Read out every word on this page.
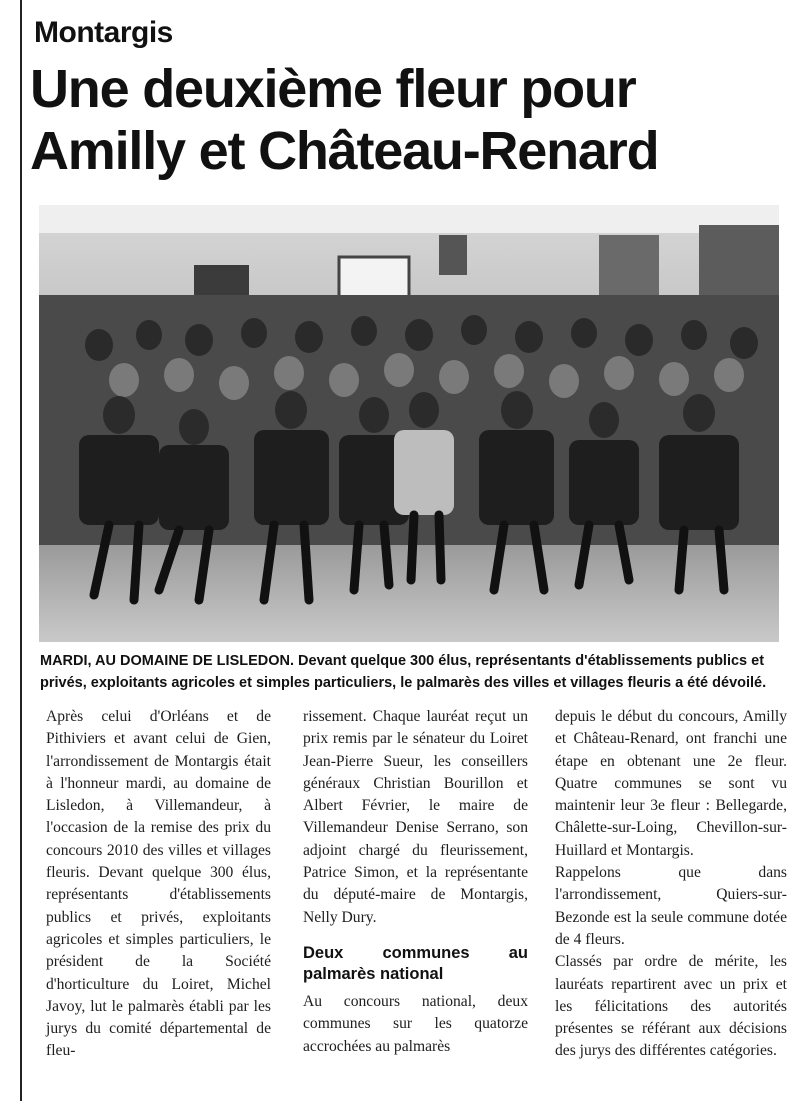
Montargis
Une deuxième fleur pour
Amilly et Château-Renard
MARDI, AU DOMAINE DE LISLEDON. Devant quelque 300 élus, représentants d'établissements publics et privés, exploitants agricoles et simples particuliers, le palmarès des villes et villages fleuris a été dévoilé.

Après celui d'Orléans et de Pithiviers et avant celui de Gien, l'arrondissement de Montargis était à l'honneur mardi, au domaine de Lisledon, à Villemandeur, à l'occasion de la remise des prix du concours 2010 des villes et villages fleuris. Devant quelque 300 élus, représentants d'établissements publics et privés, exploitants agricoles et simples particuliers, le président de la Société d'horticulture du Loiret, Michel Javoy, lut le palmarès établi par les jurys du comité départemental de fleu-

rissement. Chaque lauréat reçut un prix remis par le sénateur du Loiret Jean-Pierre Sueur, les conseillers généraux Christian Bourillon et Albert Février, le maire de Villemandeur Denise Serrano, son adjoint chargé du fleurissement, Patrice Simon, et la représentante du député-maire de Montargis, Nelly Dury.

Deux communes au palmarès national

Au concours national, deux communes sur les quatorze accrochées au palmarès

depuis le début du concours, Amilly et Château-Renard, ont franchi une étape en obtenant une 2e fleur. Quatre communes se sont vu maintenir leur 3e fleur : Bellegarde, Châlette-sur-Loing, Chevillon-sur-Huillard et Montargis.

Rappelons que dans l'arrondissement, Quiers-sur-Bezonde est la seule commune dotée de 4 fleurs.

Classés par ordre de mérite, les lauréats repartirent avec un prix et les félicitations des autorités présentes se référant aux décisions des jurys des différentes catégories.
